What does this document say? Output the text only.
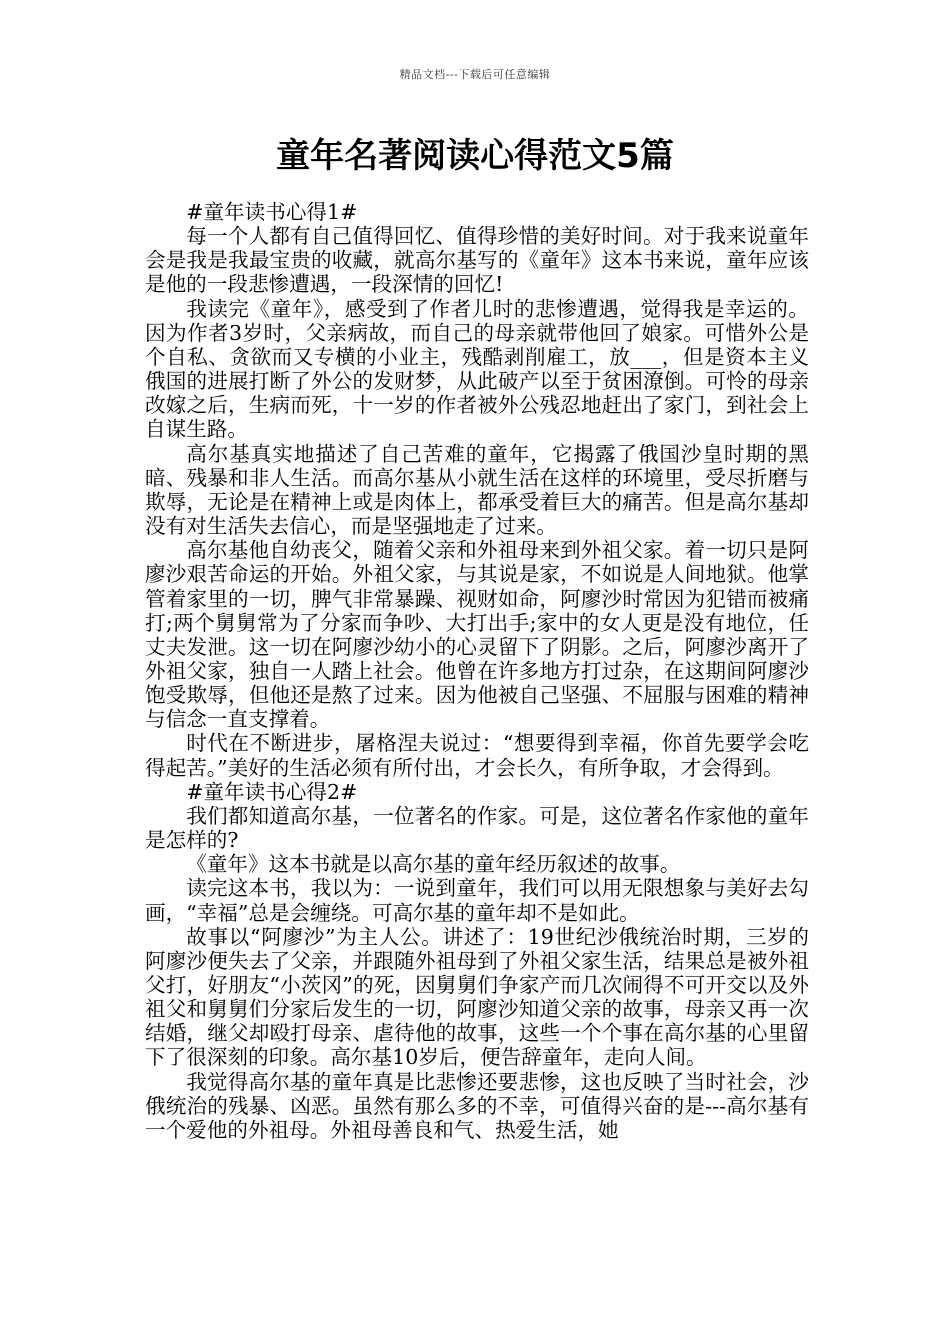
精品文档---下载后可任意编辑
童年名著阅读心得范文5篇

#童年读书心得1#

每一个人都有自己值得回忆、值得珍惜的美好时间。对于我来说童年会是我是我最宝贵的收藏，就高尔基写的《童年》这本书来说，童年应该是他的一段悲惨遭遇，一段深情的回忆!

我读完《童年》，感受到了作者儿时的悲惨遭遇，觉得我是幸运的。因为作者3岁时，父亲病故，而自己的母亲就带他回了娘家。可惜外公是个自私、贪欲而又专横的小业主，残酷剥削雇工，放___，但是资本主义俄国的进展打断了外公的发财梦，从此破产以至于贫困潦倒。可怜的母亲改嫁之后，生病而死，十一岁的作者被外公残忍地赶出了家门，到社会上自谋生路。

高尔基真实地描述了自己苦难的童年，它揭露了俄国沙皇时期的黑暗、残暴和非人生活。而高尔基从小就生活在这样的环境里，受尽折磨与欺辱，无论是在精神上或是肉体上，都承受着巨大的痛苦。但是高尔基却没有对生活失去信心，而是坚强地走了过来。

高尔基他自幼丧父，随着父亲和外祖母来到外祖父家。着一切只是阿廖沙艰苦命运的开始。外祖父家，与其说是家，不如说是人间地狱。他掌管着家里的一切，脾气非常暴躁、视财如命，阿廖沙时常因为犯错而被痛打;两个舅舅常为了分家而争吵、大打出手;家中的女人更是没有地位，任丈夫发泄。这一切在阿廖沙幼小的心灵留下了阴影。之后，阿廖沙离开了外祖父家，独自一人踏上社会。他曾在许多地方打过杂，在这期间阿廖沙饱受欺辱，但他还是熬了过来。因为他被自己坚强、不屈服与困难的精神与信念一直支撑着。

时代在不断进步，屠格涅夫说过：“想要得到幸福，你首先要学会吃得起苦。”美好的生活必须有所付出，才会长久，有所争取，才会得到。

#童年读书心得2#

我们都知道高尔基，一位著名的作家。可是，这位著名作家他的童年是怎样的?

《童年》这本书就是以高尔基的童年经历叙述的故事。

读完这本书，我以为：一说到童年，我们可以用无限想象与美好去勾画，“幸福”总是会缠绕。可高尔基的童年却不是如此。

故事以“阿廖沙”为主人公。讲述了：19世纪沙俄统治时期，三岁的阿廖沙便失去了父亲，并跟随外祖母到了外祖父家生活，结果总是被外祖父打，好朋友“小茨冈”的死，因舅舅们争家产而几次闹得不可开交以及外祖父和舅舅们分家后发生的一切，阿廖沙知道父亲的故事，母亲又再一次结婚，继父却殴打母亲、虐待他的故事，这些一个个事在高尔基的心里留下了很深刻的印象。高尔基10岁后，便告辞童年，走向人间。

我觉得高尔基的童年真是比悲惨还要悲惨，这也反映了当时社会，沙俄统治的残暴、凶恶。虽然有那么多的不幸，可值得兴奋的是---高尔基有一个爱他的外祖母。外祖母善良和气、热爱生活，她
